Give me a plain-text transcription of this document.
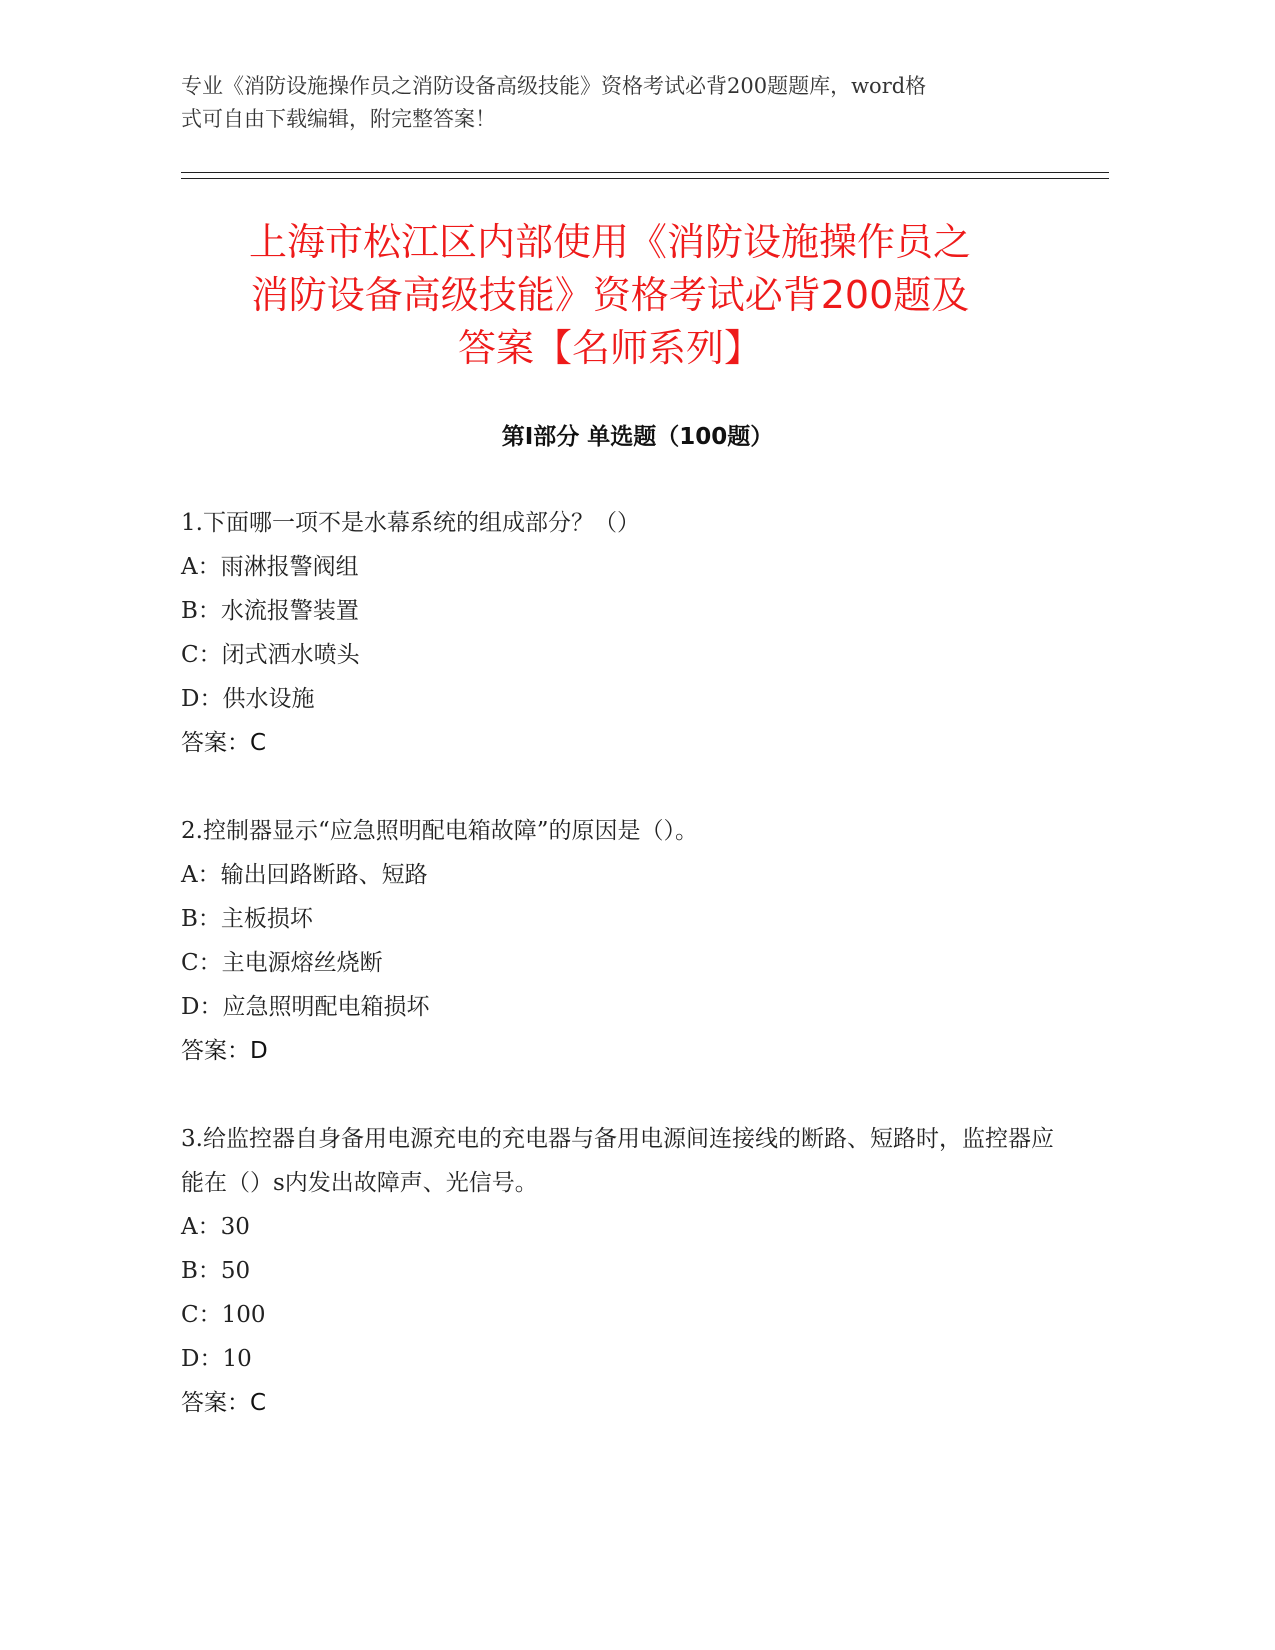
专业《消防设施操作员之消防设备高级技能》资格考试必背200题题库，word格
式可自由下载编辑，附完整答案！
上海市松江区内部使用《消防设施操作员之
消防设备高级技能》资格考试必背200题及
答案【名师系列】
第Ⅰ部分 单选题（100题）
1.下面哪一项不是水幕系统的组成部分？（）
A：雨淋报警阀组
B：水流报警装置
C：闭式洒水喷头
D：供水设施
答案：C
2.控制器显示“应急照明配电箱故障”的原因是（）。
A：输出回路断路、短路
B：主板损坏
C：主电源熔丝烧断
D：应急照明配电箱损坏
答案：D
3.给监控器自身备用电源充电的充电器与备用电源间连接线的断路、短路时，监控器应能在（）s内发出故障声、光信号。
A：30
B：50
C：100
D：10
答案：C
